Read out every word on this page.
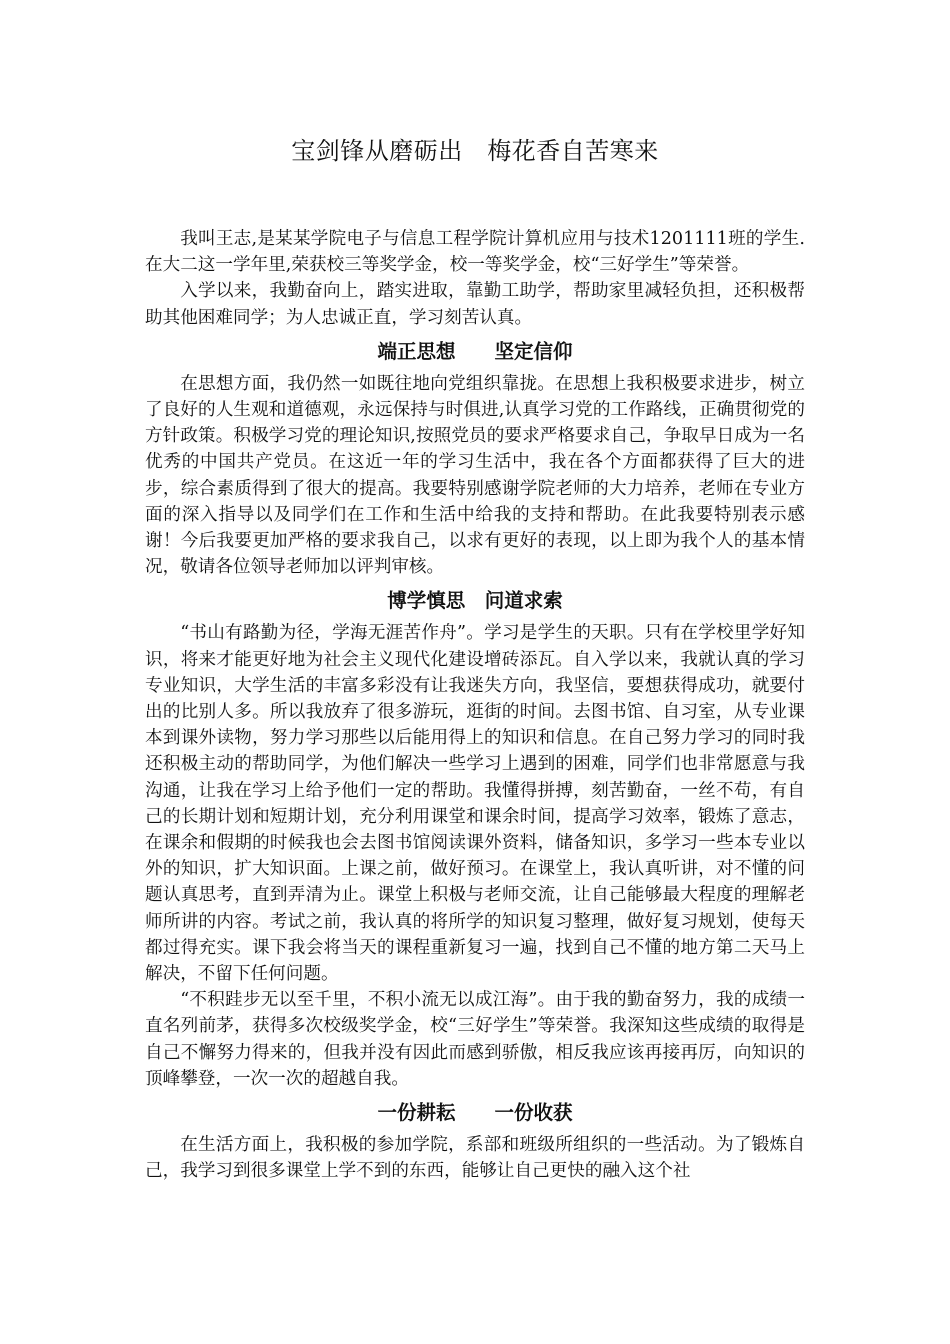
宝剑锋从磨砺出　梅花香自苦寒来

我叫王志,是某某学院电子与信息工程学院计算机应用与技术1201111班的学生.在大二这一学年里,荣获校三等奖学金，校一等奖学金，校“三好学生”等荣誉。

入学以来，我勤奋向上，踏实进取，靠勤工助学，帮助家里减轻负担，还积极帮助其他困难同学；为人忠诚正直，学习刻苦认真。

端正思想　　坚定信仰

在思想方面，我仍然一如既往地向党组织靠拢。在思想上我积极要求进步，树立了良好的人生观和道德观，永远保持与时俱进,认真学习党的工作路线，正确贯彻党的方针政策。积极学习党的理论知识,按照党员的要求严格要求自己，争取早日成为一名优秀的中国共产党员。在这近一年的学习生活中，我在各个方面都获得了巨大的进步，综合素质得到了很大的提高。我要特别感谢学院老师的大力培养，老师在专业方面的深入指导以及同学们在工作和生活中给我的支持和帮助。在此我要特别表示感谢！今后我要更加严格的要求我自己，以求有更好的表现，以上即为我个人的基本情况，敬请各位领导老师加以评判审核。

博学慎思　问道求索

“书山有路勤为径，学海无涯苦作舟”。学习是学生的天职。只有在学校里学好知识，将来才能更好地为社会主义现代化建设增砖添瓦。自入学以来，我就认真的学习专业知识，大学生活的丰富多彩没有让我迷失方向，我坚信，要想获得成功，就要付出的比别人多。所以我放弃了很多游玩，逛街的时间。去图书馆、自习室，从专业课本到课外读物，努力学习那些以后能用得上的知识和信息。在自己努力学习的同时我还积极主动的帮助同学，为他们解决一些学习上遇到的困难，同学们也非常愿意与我沟通，让我在学习上给予他们一定的帮助。我懂得拼搏，刻苦勤奋，一丝不苟，有自己的长期计划和短期计划，充分利用课堂和课余时间，提高学习效率，锻炼了意志，在课余和假期的时候我也会去图书馆阅读课外资料，储备知识，多学习一些本专业以外的知识，扩大知识面。上课之前，做好预习。在课堂上，我认真听讲，对不懂的问题认真思考，直到弄清为止。课堂上积极与老师交流，让自己能够最大程度的理解老师所讲的内容。考试之前，我认真的将所学的知识复习整理，做好复习规划，使每天都过得充实。课下我会将当天的课程重新复习一遍，找到自己不懂的地方第二天马上解决，不留下任何问题。

“不积跬步无以至千里，不积小流无以成江海”。由于我的勤奋努力，我的成绩一直名列前茅，获得多次校级奖学金，校“三好学生”等荣誉。我深知这些成绩的取得是自己不懈努力得来的，但我并没有因此而感到骄傲，相反我应该再接再厉，向知识的顶峰攀登，一次一次的超越自我。

一份耕耘　　一份收获

在生活方面上，我积极的参加学院，系部和班级所组织的一些活动。为了锻炼自己，我学习到很多课堂上学不到的东西，能够让自己更快的融入这个社
